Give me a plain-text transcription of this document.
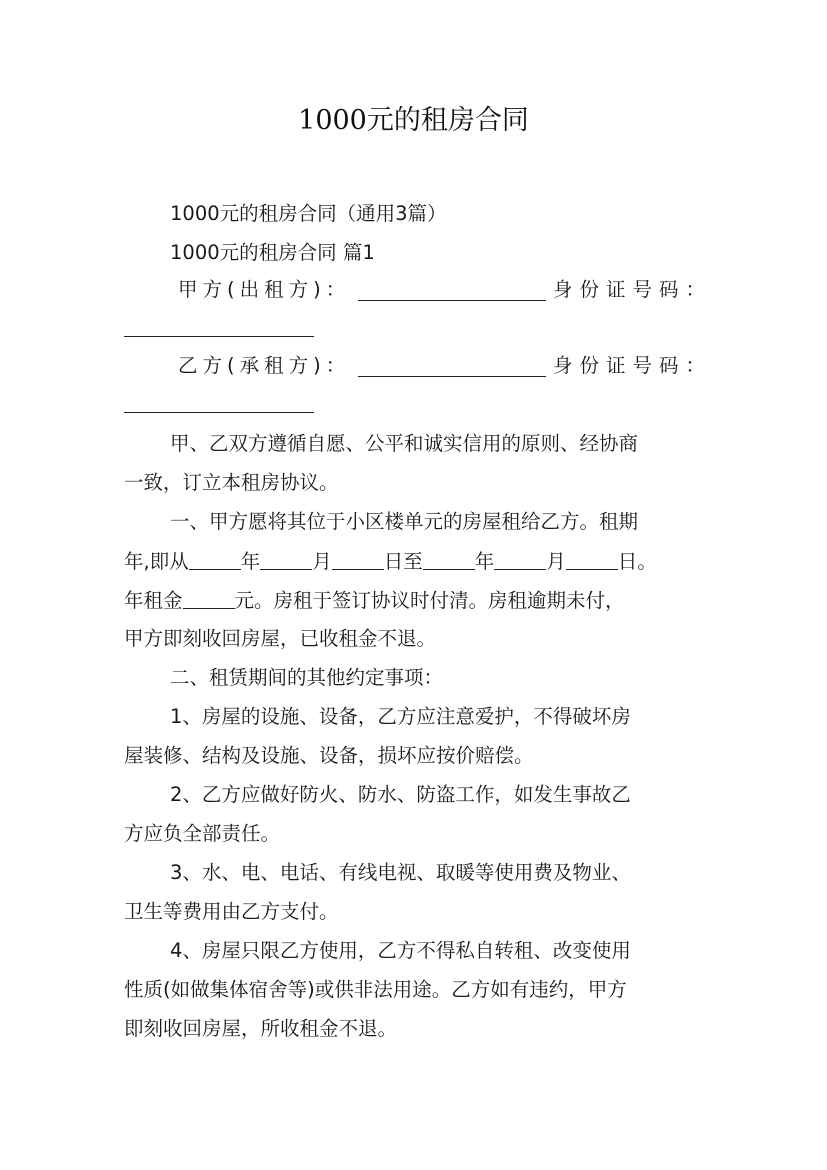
1000元的租房合同
1000元的租房合同（通用3篇）
1000元的租房合同 篇1
甲方(出租方)：	身份证号码：
乙方(承租方)：	身份证号码：
甲、乙双方遵循自愿、公平和诚实信用的原则、经协商
一致，订立本租房协议。
一、甲方愿将其位于小区楼单元的房屋租给乙方。租期
年,即从	年	月	日至	年	月	日。
年租金	元。房租于签订协议时付清。房租逾期未付，
甲方即刻收回房屋，已收租金不退。
二、租赁期间的其他约定事项：
1、房屋的设施、设备，乙方应注意爱护，不得破坏房
屋装修、结构及设施、设备，损坏应按价赔偿。
2、乙方应做好防火、防水、防盗工作，如发生事故乙
方应负全部责任。
3、水、电、电话、有线电视、取暖等使用费及物业、
卫生等费用由乙方支付。
4、房屋只限乙方使用，乙方不得私自转租、改变使用
性质(如做集体宿舍等)或供非法用途。乙方如有违约，甲方
即刻收回房屋，所收租金不退。
